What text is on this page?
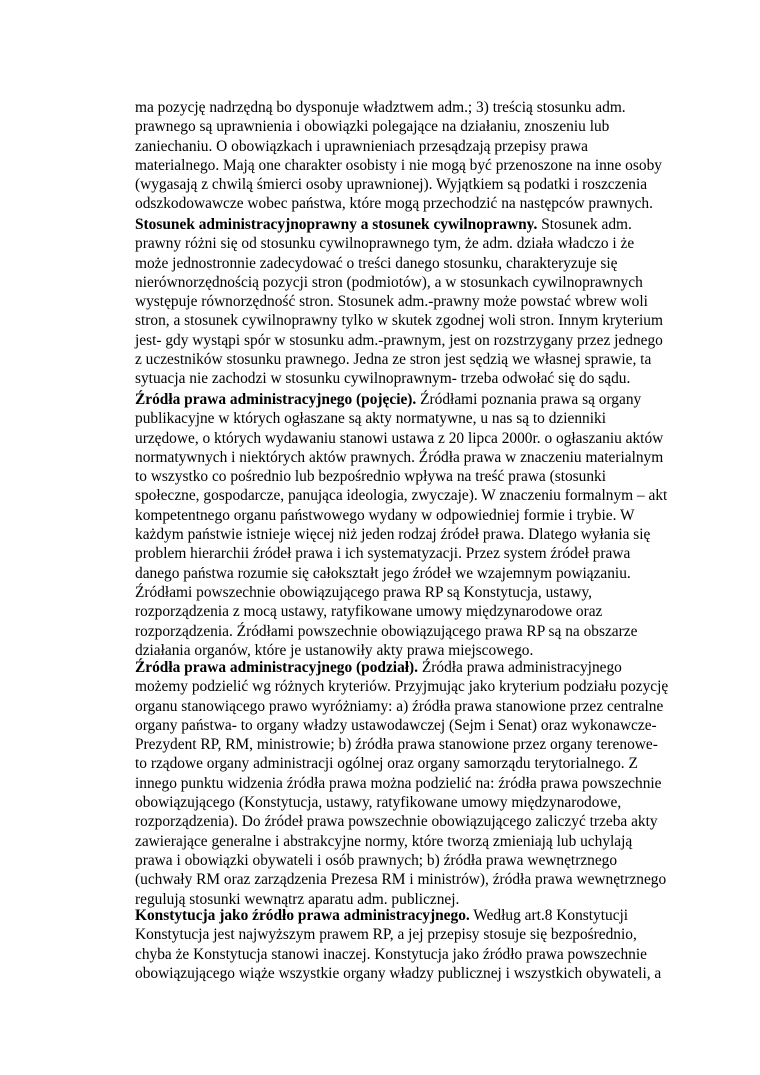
ma pozycję nadrzędną bo dysponuje władztwem adm.; 3) treścią stosunku adm.
prawnego są uprawnienia i obowiązki polegające na działaniu, znoszeniu lub
zaniechaniu. O obowiązkach i uprawnieniach przesądzają przepisy prawa
materialnego. Mają one charakter osobisty i nie mogą być przenoszone na inne osoby
(wygasają z chwilą śmierci osoby uprawnionej). Wyjątkiem są podatki i roszczenia
odszkodowawcze wobec państwa, które mogą przechodzić na następców prawnych.
Stosunek administracyjnoprawny a stosunek cywilnoprawny. Stosunek adm.
prawny różni się od stosunku cywilnoprawnego tym, że adm. działa władczo i że
może jednostronnie zadecydować o treści danego stosunku, charakteryzuje się
nierównorzędnością pozycji stron (podmiotów), a w stosunkach cywilnoprawnych
występuje równorzędność stron. Stosunek adm.-prawny może powstać wbrew woli
stron, a stosunek cywilnoprawny tylko w skutek zgodnej woli stron. Innym kryterium
jest- gdy wystąpi spór w stosunku adm.-prawnym, jest on rozstrzygany przez jednego
z uczestników stosunku prawnego. Jedna ze stron jest sędzią we własnej sprawie, ta
sytuacja nie zachodzi w stosunku cywilnoprawnym- trzeba odwołać się do sądu.
Źródła prawa administracyjnego (pojęcie). Źródłami poznania prawa są organy
publikacyjne w których ogłaszane są akty normatywne, u nas są to dzienniki
urzędowe, o których wydawaniu stanowi ustawa z 20 lipca 2000r. o ogłaszaniu aktów
normatywnych i niektórych aktów prawnych. Źródła prawa w znaczeniu materialnym
to wszystko co pośrednio lub bezpośrednio wpływa na treść prawa (stosunki
społeczne, gospodarcze, panująca ideologia, zwyczaje). W znaczeniu formalnym – akt
kompetentnego organu państwowego wydany w odpowiedniej formie i trybie. W
każdym państwie istnieje więcej niż jeden rodzaj źródeł prawa. Dlatego wyłania się
problem hierarchii źródeł prawa i ich systematyzacji. Przez system źródeł prawa
danego państwa rozumie się całokształt jego źródeł we wzajemnym powiązaniu.
Źródłami powszechnie obowiązującego prawa RP są Konstytucja, ustawy,
rozporządzenia z mocą ustawy, ratyfikowane umowy międzynarodowe oraz
rozporządzenia. Źródłami powszechnie obowiązującego prawa RP są na obszarze
działania organów, które je ustanowiły akty prawa miejscowego.
Źródła prawa administracyjnego (podział). Źródła prawa administracyjnego
możemy podzielić wg różnych kryteriów. Przyjmując jako kryterium podziału pozycję
organu stanowiącego prawo wyróżniamy: a) źródła prawa stanowione przez centralne
organy państwa- to organy władzy ustawodawczej (Sejm i Senat) oraz wykonawcze-
Prezydent RP, RM, ministrowie; b) źródła prawa stanowione przez organy terenowe-
to rządowe organy administracji ogólnej oraz organy samorządu terytorialnego. Z
innego punktu widzenia źródła prawa można podzielić na: źródła prawa powszechnie
obowiązującego (Konstytucja, ustawy, ratyfikowane umowy międzynarodowe,
rozporządzenia). Do źródeł prawa powszechnie obowiązującego zaliczyć trzeba akty
zawierające generalne i abstrakcyjne normy, które tworzą zmieniają lub uchylają
prawa i obowiązki obywateli i osób prawnych; b) źródła prawa wewnętrznego
(uchwały RM oraz zarządzenia Prezesa RM i ministrów), źródła prawa wewnętrznego
regulują stosunki wewnątrz aparatu adm. publicznej.
Konstytucja jako źródło prawa administracyjnego. Według art.8 Konstytucji
Konstytucja jest najwyższym prawem RP, a jej przepisy stosuje się bezpośrednio,
chyba że Konstytucja stanowi inaczej. Konstytucja jako źródło prawa powszechnie
obowiązującego wiąże wszystkie organy władzy publicznej i wszystkich obywateli, a
